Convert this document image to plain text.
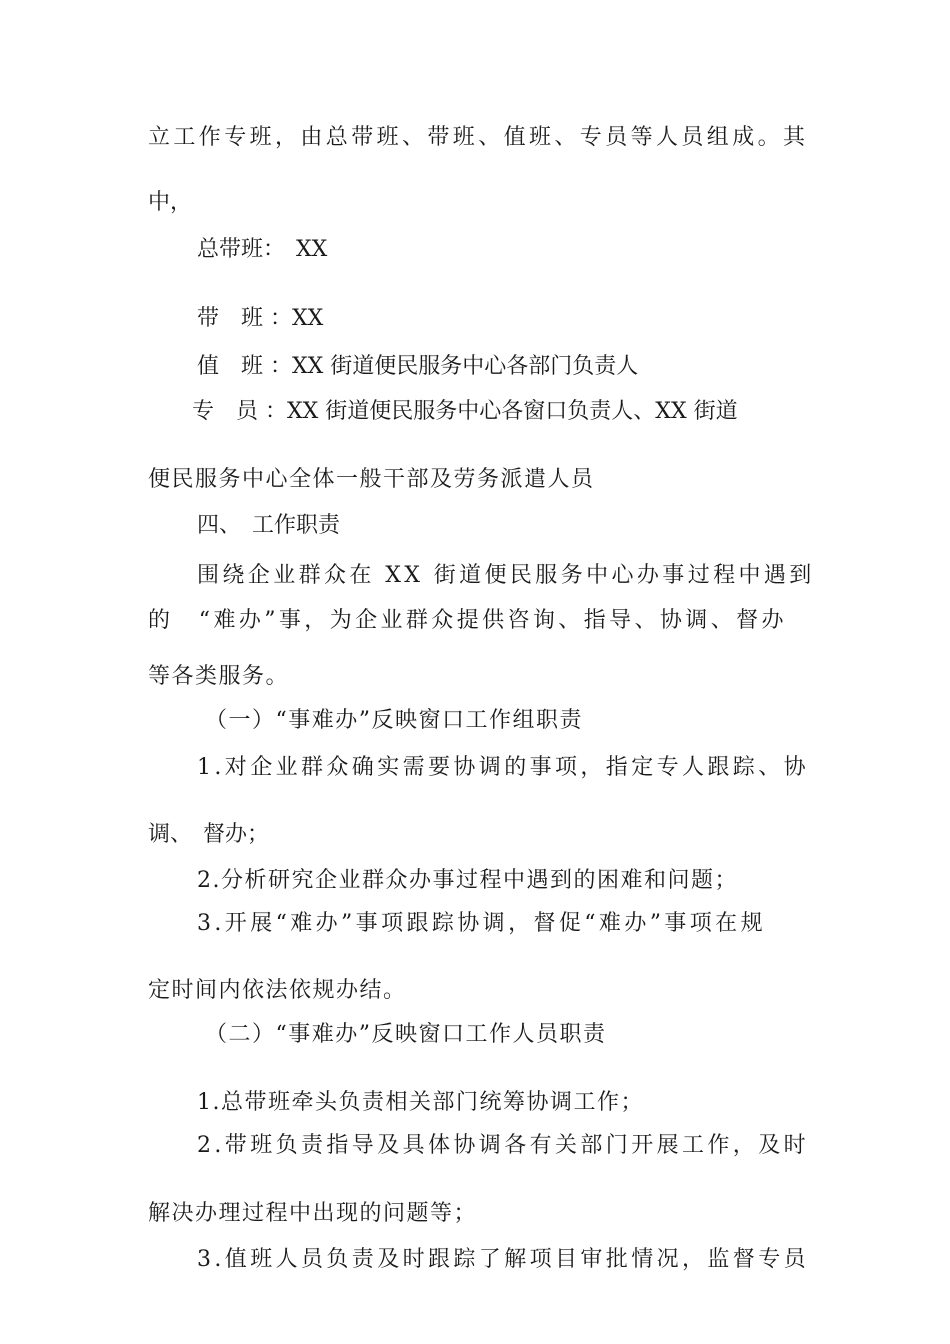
立工作专班，由总带班、带班、值班、专员等人员组成。其

中，

总带班：　XX

带　班 ：XX

值　班 ：XX 街道便民服务中心各部门负责人

专　员 ：XX 街道便民服务中心各窗口负责人、XX 街道

便民服务中心全体一般干部及劳务派遣人员

四、　工作职责

围绕企业群众在 XX 街道便民服务中心办事过程中遇到

的　“难办”事，为企业群众提供咨询、指导、协调、督办

等各类服务。

（一）“事难办”反映窗口工作组职责

1.对企业群众确实需要协调的事项，指定专人跟踪、协

调、　督办；

2.分析研究企业群众办事过程中遇到的困难和问题；

3.开展“难办”事项跟踪协调，督促“难办”事项在规

定时间内依法依规办结。

（二）“事难办”反映窗口工作人员职责

1.总带班牵头负责相关部门统筹协调工作；

2.带班负责指导及具体协调各有关部门开展工作，及时

解决办理过程中出现的问题等；

3.值班人员负责及时跟踪了解项目审批情况，监督专员
